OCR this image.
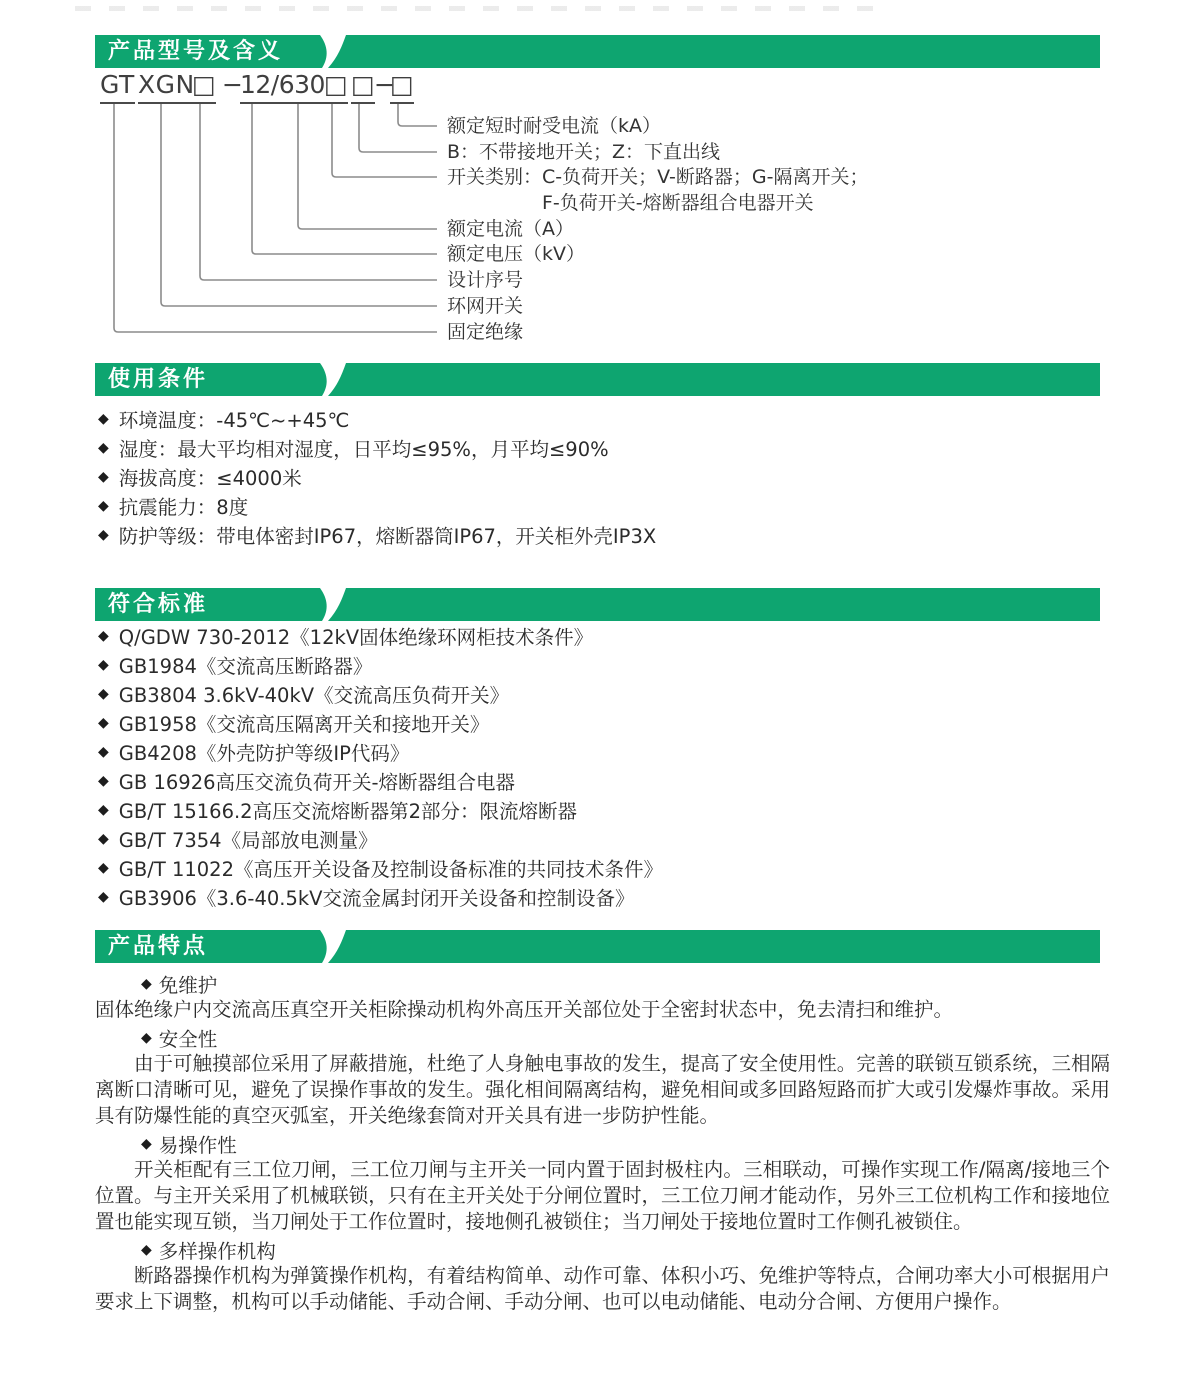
产品型号及含义
GT XGN
□ −
12/630 □ □
−
□
额定短时耐受电流（kA）
B：不带接地开关；Z：下直出线
开关类别：C-负荷开关；V-断路器；G-隔离开关；
F-负荷开关-熔断器组合电器开关
额定电流（A）
额定电压（kV）
设计序号
环网开关
固定绝缘
使用条件
◆ 环境温度：-45℃~+45℃
◆ 湿度：最大平均相对湿度，日平均≤95%，月平均≤90%
◆ 海拔高度：≤4000米
◆ 抗震能力：8度
◆ 防护等级：带电体密封IP67，熔断器筒IP67，开关柜外壳IP3X
符合标准
◆ Q/GDW 730-2012《12kV固体绝缘环网柜技术条件》
◆ GB1984《交流高压断路器》
◆ GB3804 3.6kV-40kV《交流高压负荷开关》
◆ GB1958《交流高压隔离开关和接地开关》
◆ GB4208《外壳防护等级IP代码》
◆ GB 16926高压交流负荷开关-熔断器组合电器
◆ GB/T 15166.2高压交流熔断器第2部分：限流熔断器
◆ GB/T 7354《局部放电测量》
◆ GB/T 11022《高压开关设备及控制设备标准的共同技术条件》
◆ GB3906《3.6-40.5kV交流金属封闭开关设备和控制设备》
产品特点
◆ 免维护

固体绝缘户内交流高压真空开关柜除操动机构外高压开关部位处于全密封状态中，免去清扫和维护。

◆ 安全性

由于可触摸部位采用了屏蔽措施，杜绝了人身触电事故的发生，提高了安全使用性。完善的联锁互锁系统，三相隔离断口清晰可见，避免了误操作事故的发生。强化相间隔离结构，避免相间或多回路短路而扩大或引发爆炸事故。采用具有防爆性能的真空灭弧室，开关绝缘套筒对开关具有进一步防护性能。

◆ 易操作性

开关柜配有三工位刀闸，三工位刀闸与主开关一同内置于固封极柱内。三相联动，可操作实现工作/隔离/接地三个位置。与主开关采用了机械联锁，只有在主开关处于分闸位置时，三工位刀闸才能动作，另外三工位机构工作和接地位置也能实现互锁，当刀闸处于工作位置时，接地侧孔被锁住；当刀闸处于接地位置时工作侧孔被锁住。

◆ 多样操作机构

断路器操作机构为弹簧操作机构，有着结构简单、动作可靠、体积小巧、免维护等特点，合闸功率大小可根据用户要求上下调整，机构可以手动储能、手动合闸、手动分闸、也可以电动储能、电动分合闸、方便用户操作。
